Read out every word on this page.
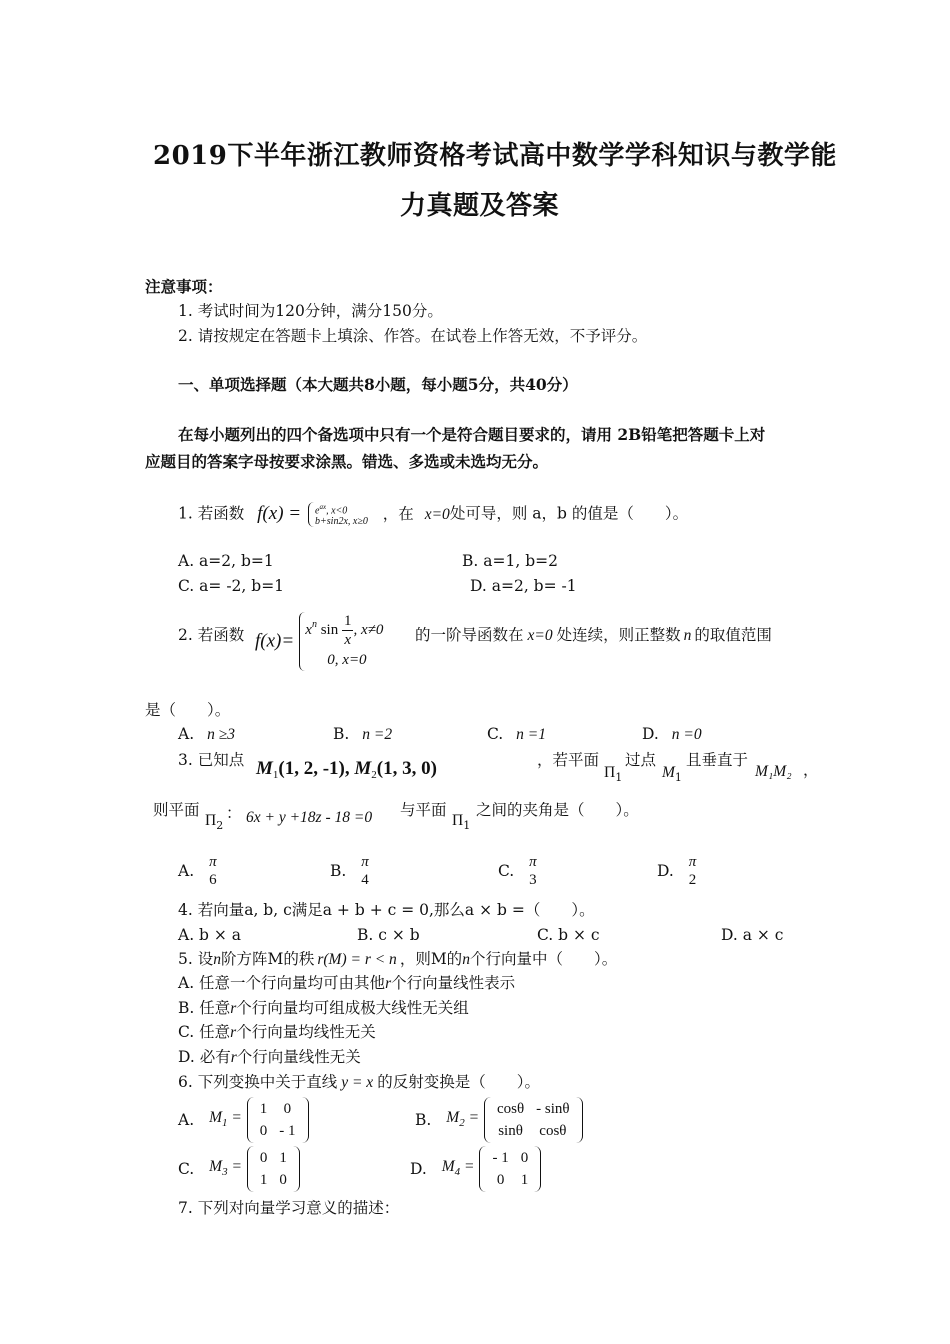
2019下半年浙江教师资格考试高中数学学科知识与教学能
力真题及答案
注意事项：
1. 考试时间为120分钟，满分150分。
2. 请按规定在答题卡上填涂、作答。在试卷上作答无效，不予评分。
一、单项选择题（本大题共8小题，每小题5分，共40分）
在每小题列出的四个备选项中只有一个是符合题目要求的，请用 2B铅笔把答题卡上对
应题目的答案字母按要求涂黑。错选、多选或未选均无分。
1. 若函数 $f(x) = e^{ax}$, x<0
b+sin2x, x≥0 ，在 x=0处可导，则 a，b 的值是（　　）。
A. a=2, b=1	B. a=1, b=2
C. a= -2, b=1	D. a=2, b= -1
2. 若函数 f(x)=
$x^n$ $\sin \frac{1}{x}$ , x≠0
0, x=0
的一阶导函数在 x=0 处连续，则正整数 n 的取值范围
是（　　）。
A. n ≥3	B. n =2	C. n =1	D. n =0
3. 已知点 $M_1(1$, 2, -1), $M_2(1$, 3, 0)	，若平面
$\Pi_1$
过点
$M_1$
且垂直于
M₁M₂ ，
则平面
$\Pi_2$
： 6x + y +18z - 18 =0 与平面
$\Pi_1$
之间的夹角是（　　）。
A. π
6	B. π
4	C. π
3	D. π
2
4. 若向量a, b, c满足a + b + c = 0,那么a × b =（　　）。
A. b × a	B. c × b	C. b × c	D. a × c
5. 设n阶方阵M的秩 r(M) = r < n ，则M的n个行向量中（　　）。
A. 任意一个行向量均可由其他r个行向量线性表示
B. 任意r个行向量均可组成极大线性无关组
C. 任意r个行向量均线性无关
D. 必有r个行向量线性无关
6. 下列变换中关于直线 y = x 的反射变换是（　　）。
A. $M_1 = 1$	0
0	- 1
B. $M_2 = \cos\theta$	- sinθ
sinθ	cosθ
C. $M_3 = 0$	1
1	0
D. $M_4$ = - 1	0
0	1
7. 下列对向量学习意义的描述：
